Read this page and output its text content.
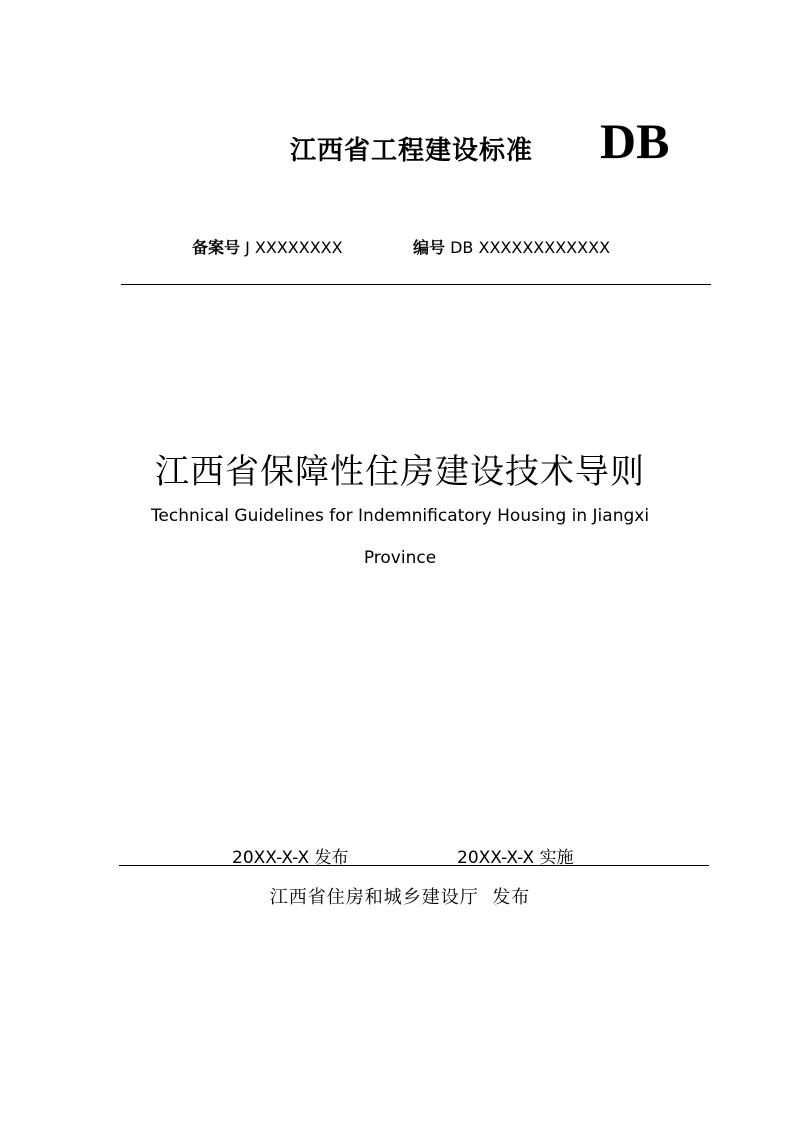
江西省工程建设标准 DB
备案号 J XXXXXXXX	编号 DB XXXXXXXXXXXX
江西省保障性住房建设技术导则
Technical Guidelines for Indemnificatory Housing in Jiangxi
Province
20XX-X-X 发布	20XX-X-X 实施
江西省住房和城乡建设厅  发布
